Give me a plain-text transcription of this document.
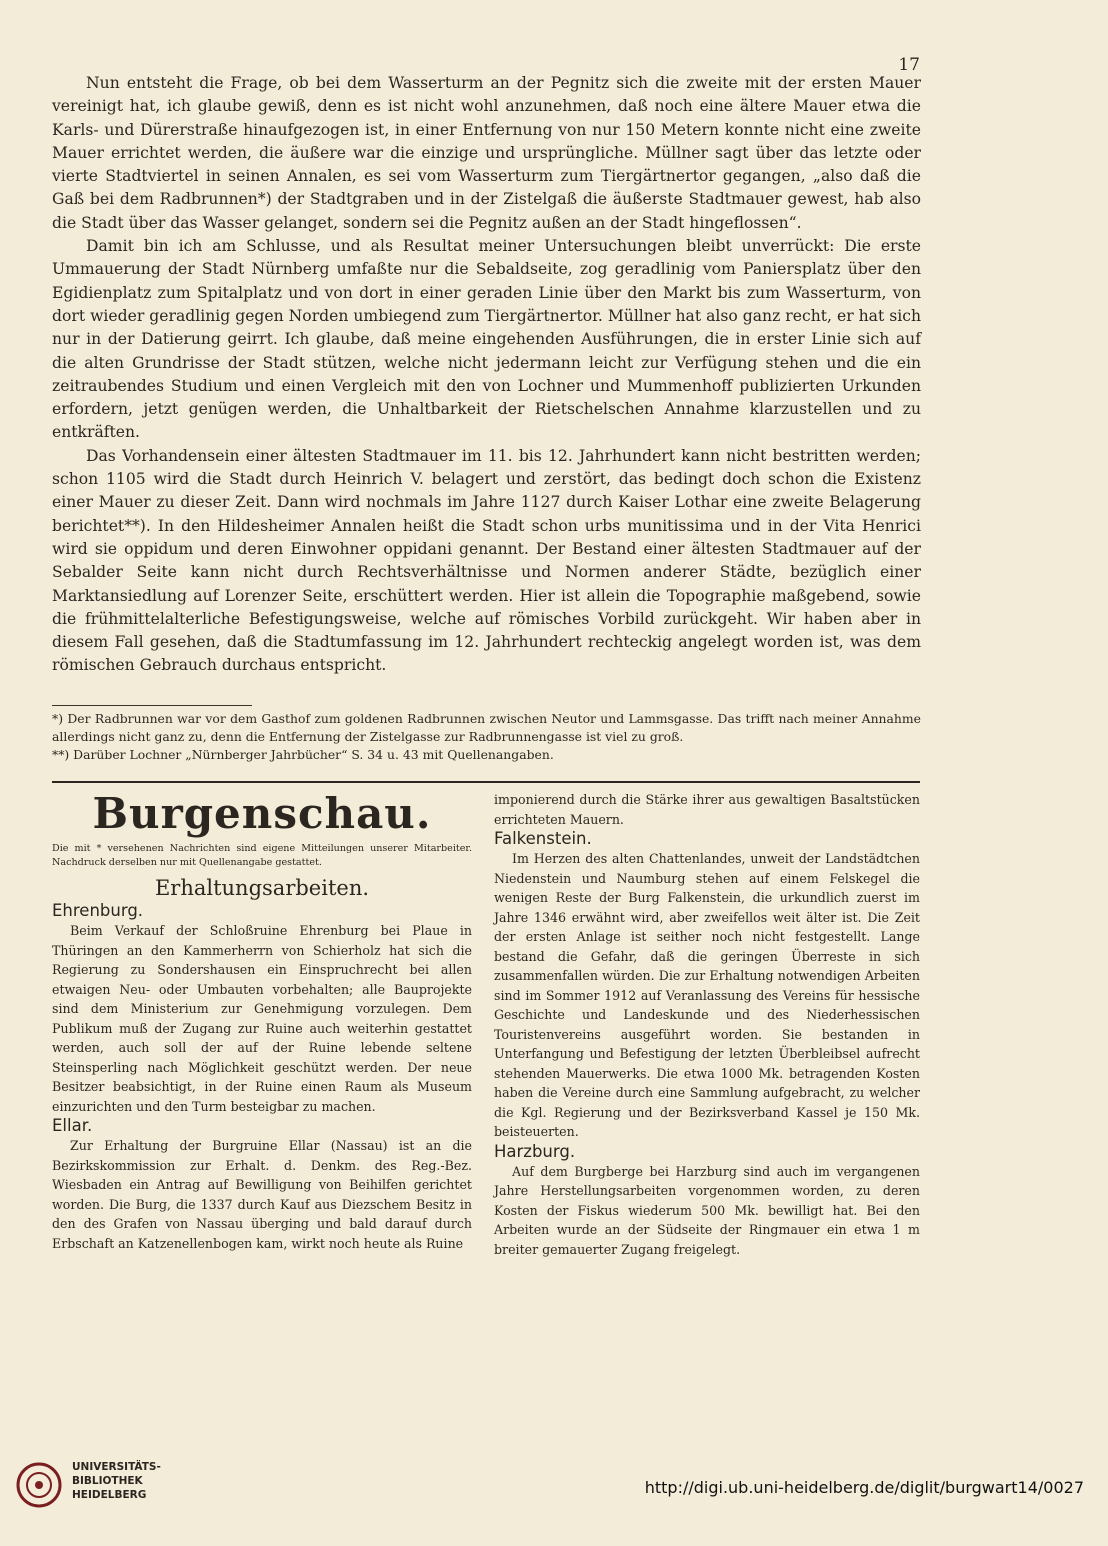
17

Nun entsteht die Frage, ob bei dem Wasserturm an der Pegnitz sich die zweite mit der ersten Mauer vereinigt hat, ich glaube gewiß, denn es ist nicht wohl anzunehmen, daß noch eine ältere Mauer etwa die Karls- und Dürerstraße hinaufgezogen ist, in einer Entfernung von nur 150 Metern konnte nicht eine zweite Mauer errichtet werden, die äußere war die einzige und ursprüngliche. Müllner sagt über das letzte oder vierte Stadtviertel in seinen Annalen, es sei vom Wasserturm zum Tiergärtnertor gegangen, „also daß die Gaß bei dem Radbrunnen*) der Stadtgraben und in der Zistelgaß die äußerste Stadtmauer gewest, hab also die Stadt über das Wasser gelanget, sondern sei die Pegnitz außen an der Stadt hingeflossen“.

Damit bin ich am Schlusse, und als Resultat meiner Untersuchungen bleibt unverrückt: Die erste Ummauerung der Stadt Nürnberg umfaßte nur die Sebaldseite, zog geradlinig vom Paniersplatz über den Egidienplatz zum Spitalplatz und von dort in einer geraden Linie über den Markt bis zum Wasserturm, von dort wieder geradlinig gegen Norden umbiegend zum Tiergärtnertor. Müllner hat also ganz recht, er hat sich nur in der Datierung geirrt. Ich glaube, daß meine eingehenden Ausführungen, die in erster Linie sich auf die alten Grundrisse der Stadt stützen, welche nicht jedermann leicht zur Verfügung stehen und die ein zeitraubendes Studium und einen Vergleich mit den von Lochner und Mummenhoff publizierten Urkunden erfordern, jetzt genügen werden, die Unhaltbarkeit der Rietschelschen Annahme klarzustellen und zu entkräften.

Das Vorhandensein einer ältesten Stadtmauer im 11. bis 12. Jahrhundert kann nicht bestritten werden; schon 1105 wird die Stadt durch Heinrich V. belagert und zerstört, das bedingt doch schon die Existenz einer Mauer zu dieser Zeit. Dann wird nochmals im Jahre 1127 durch Kaiser Lothar eine zweite Belagerung berichtet**). In den Hildesheimer Annalen heißt die Stadt schon urbs munitissima und in der Vita Henrici wird sie oppidum und deren Einwohner oppidani genannt. Der Bestand einer ältesten Stadtmauer auf der Sebalder Seite kann nicht durch Rechtsverhältnisse und Normen anderer Städte, bezüglich einer Marktansiedlung auf Lorenzer Seite, erschüttert werden. Hier ist allein die Topographie maßgebend, sowie die frühmittelalterliche Befestigungsweise, welche auf römisches Vorbild zurückgeht. Wir haben aber in diesem Fall gesehen, daß die Stadtumfassung im 12. Jahrhundert rechteckig angelegt worden ist, was dem römischen Gebrauch durchaus entspricht.

*) Der Radbrunnen war vor dem Gasthof zum goldenen Radbrunnen zwischen Neutor und Lammsgasse. Das trifft nach meiner Annahme allerdings nicht ganz zu, denn die Entfernung der Zistelgasse zur Radbrunnengasse ist viel zu groß.

**) Darüber Lochner „Nürnberger Jahrbücher“ S. 34 u. 43 mit Quellenangaben.

Burgenschau.

Die mit * versehenen Nachrichten sind eigene Mitteilungen unserer Mitarbeiter. Nachdruck derselben nur mit Quellenangabe gestattet.

Erhaltungsarbeiten.
Ehrenburg.

Beim Verkauf der Schloßruine Ehrenburg bei Plaue in Thüringen an den Kammerherrn von Schierholz hat sich die Regierung zu Sondershausen ein Einspruchrecht bei allen etwaigen Neu- oder Umbauten vorbehalten; alle Bauprojekte sind dem Ministerium zur Genehmigung vorzulegen. Dem Publikum muß der Zugang zur Ruine auch weiterhin gestattet werden, auch soll der auf der Ruine lebende seltene Steinsperling nach Möglichkeit geschützt werden. Der neue Besitzer beabsichtigt, in der Ruine einen Raum als Museum einzurichten und den Turm besteigbar zu machen.

Ellar.

Zur Erhaltung der Burgruine Ellar (Nassau) ist an die Bezirkskommission zur Erhalt. d. Denkm. des Reg.-Bez. Wiesbaden ein Antrag auf Bewilligung von Beihilfen gerichtet worden. Die Burg, die 1337 durch Kauf aus Diezschem Besitz in den des Grafen von Nassau überging und bald darauf durch Erbschaft an Katzenellenbogen kam, wirkt noch heute als Ruine

imponierend durch die Stärke ihrer aus gewaltigen Basaltstücken errichteten Mauern.

Falkenstein.

Im Herzen des alten Chattenlandes, unweit der Landstädtchen Niedenstein und Naumburg stehen auf einem Felskegel die wenigen Reste der Burg Falkenstein, die urkundlich zuerst im Jahre 1346 erwähnt wird, aber zweifellos weit älter ist. Die Zeit der ersten Anlage ist seither noch nicht festgestellt. Lange bestand die Gefahr, daß die geringen Überreste in sich zusammenfallen würden. Die zur Erhaltung notwendigen Arbeiten sind im Sommer 1912 auf Veranlassung des Vereins für hessische Geschichte und Landeskunde und des Niederhessischen Touristenvereins ausgeführt worden. Sie bestanden in Unterfangung und Befestigung der letzten Überbleibsel aufrecht stehenden Mauerwerks. Die etwa 1000 Mk. betragenden Kosten haben die Vereine durch eine Sammlung aufgebracht, zu welcher die Kgl. Regierung und der Bezirksverband Kassel je 150 Mk. beisteuerten.

Harzburg.

Auf dem Burgberge bei Harzburg sind auch im vergangenen Jahre Herstellungsarbeiten vorgenommen worden, zu deren Kosten der Fiskus wiederum 500 Mk. bewilligt hat. Bei den Arbeiten wurde an der Südseite der Ringmauer ein etwa 1 m breiter gemauerter Zugang freigelegt.

UNIVERSITÄTS-
BIBLIOTHEK
HEIDELBERG	http://digi.ub.uni-heidelberg.de/diglit/burgwart14/0027
